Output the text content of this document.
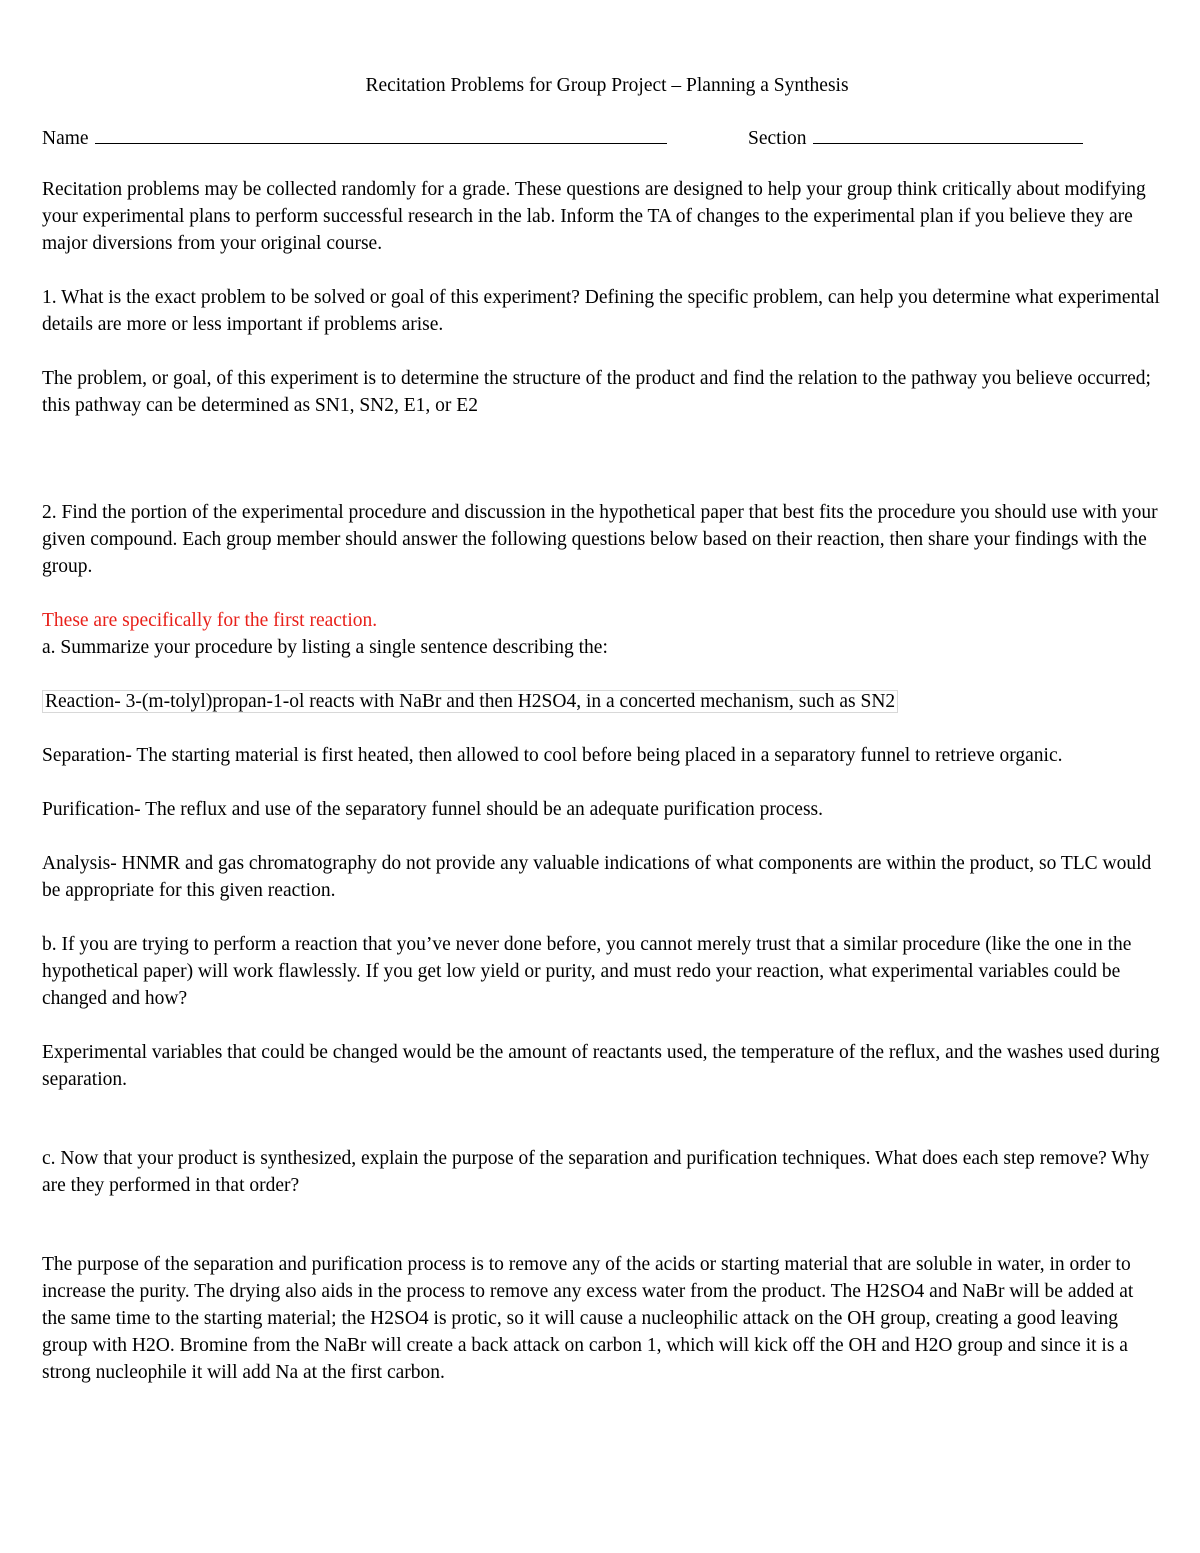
Recitation Problems for Group Project – Planning a Synthesis
Name	Section

Recitation problems may be collected randomly for a grade. These questions are designed to help your group think critically about modifying your experimental plans to perform successful research in the lab. Inform the TA of changes to the experimental plan if you believe they are major diversions from your original course.

1. What is the exact problem to be solved or goal of this experiment? Defining the specific problem, can help you determine what experimental details are more or less important if problems arise.

The problem, or goal, of this experiment is to determine the structure of the product and find the relation to the pathway you believe occurred; this pathway can be determined as SN1, SN2, E1, or E2

2. Find the portion of the experimental procedure and discussion in the hypothetical paper that best fits the procedure you should use with your given compound. Each group member should answer the following questions below based on their reaction, then share your findings with the group.

These are specifically for the first reaction.

a. Summarize your procedure by listing a single sentence describing the:

Reaction- 3-(m-tolyl)propan-1-ol reacts with NaBr and then H2SO4, in a concerted mechanism, such as SN2

Separation- The starting material is first heated, then allowed to cool before being placed in a separatory funnel to retrieve organic.

Purification- The reflux and use of the separatory funnel should be an adequate purification process.

Analysis- HNMR and gas chromatography do not provide any valuable indications of what components are within the product, so TLC would be appropriate for this given reaction.

b. If you are trying to perform a reaction that you’ve never done before, you cannot merely trust that a similar procedure (like the one in the hypothetical paper) will work flawlessly. If you get low yield or purity, and must redo your reaction, what experimental variables could be changed and how?

Experimental variables that could be changed would be the amount of reactants used, the temperature of the reflux, and the washes used during separation.

c. Now that your product is synthesized, explain the purpose of the separation and purification techniques. What does each step remove? Why are they performed in that order?

The purpose of the separation and purification process is to remove any of the acids or starting material that are soluble in water, in order to increase the purity. The drying also aids in the process to remove any excess water from the product. The H2SO4 and NaBr will be added at the same time to the starting material; the H2SO4 is protic, so it will cause a nucleophilic attack on the OH group, creating a good leaving group with H2O. Bromine from the NaBr will create a back attack on carbon 1, which will kick off the OH and H2O group and since it is a strong nucleophile it will add Na at the first carbon.
